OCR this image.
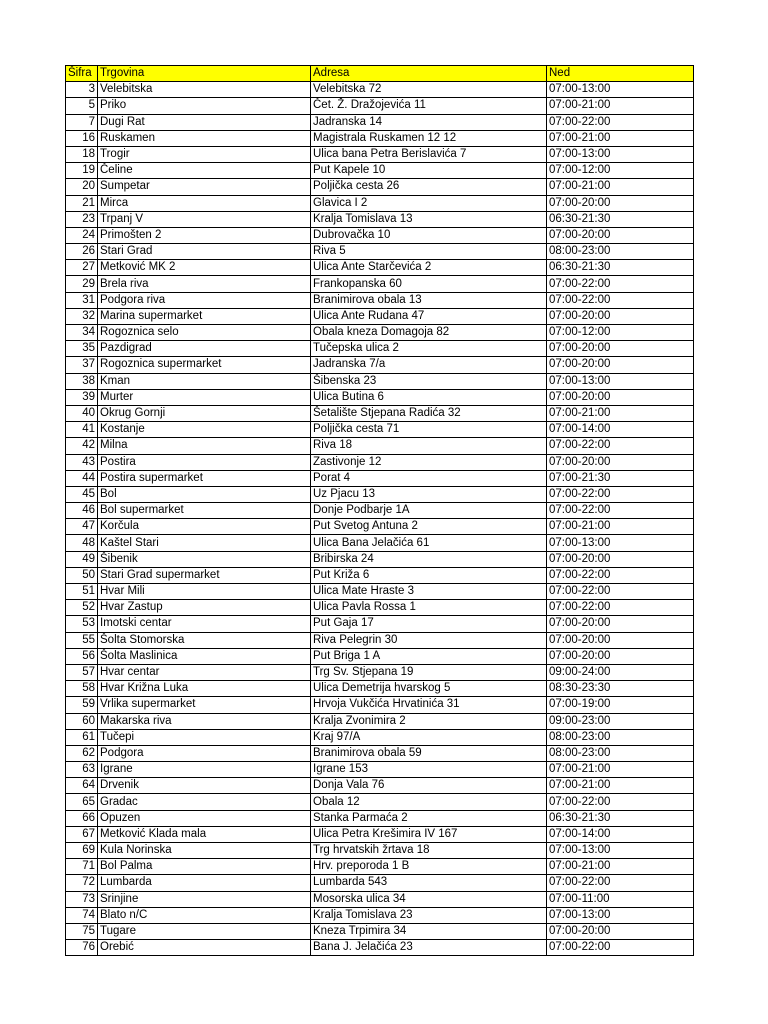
Šifra	Trgovina	Adresa	Ned
3	Velebitska	Velebitska 72	07:00-13:00
5	Priko	Čet. Ž. Dražojevića 11	07:00-21:00
7	Dugi Rat	Jadranska 14	07:00-22:00
16	Ruskamen	Magistrala Ruskamen 12 12	07:00-21:00
18	Trogir	Ulica bana Petra Berislavića 7	07:00-13:00
19	Čeline	Put Kapele 10	07:00-12:00
20	Sumpetar	Poljička cesta 26	07:00-21:00
21	Mirca	Glavica I 2	07:00-20:00
23	Trpanj V	Kralja Tomislava 13	06:30-21:30
24	Primošten 2	Dubrovačka 10	07:00-20:00
26	Stari Grad	Riva 5	08:00-23:00
27	Metković MK 2	Ulica Ante Starčevića 2	06:30-21:30
29	Brela riva	Frankopanska 60	07:00-22:00
31	Podgora riva	Branimirova obala 13	07:00-22:00
32	Marina supermarket	Ulica Ante Rudana 47	07:00-20:00
34	Rogoznica selo	Obala kneza Domagoja 82	07:00-12:00
35	Pazdigrad	Tučepska ulica 2	07:00-20:00
37	Rogoznica supermarket	Jadranska 7/a	07:00-20:00
38	Kman	Šibenska 23	07:00-13:00
39	Murter	Ulica Butina 6	07:00-20:00
40	Okrug Gornji	Šetalište Stjepana Radića 32	07:00-21:00
41	Kostanje	Poljička cesta 71	07:00-14:00
42	Milna	Riva 18	07:00-22:00
43	Postira	Zastivonje 12	07:00-20:00
44	Postira supermarket	Porat 4	07:00-21:30
45	Bol	Uz Pjacu 13	07:00-22:00
46	Bol supermarket	Donje Podbarje 1A	07:00-22:00
47	Korčula	Put Svetog Antuna 2	07:00-21:00
48	Kaštel Stari	Ulica Bana Jelačića 61	07:00-13:00
49	Šibenik	Bribirska 24	07:00-20:00
50	Stari Grad supermarket	Put Križa 6	07:00-22:00
51	Hvar Mili	Ulica Mate Hraste 3	07:00-22:00
52	Hvar Zastup	Ulica Pavla Rossa 1	07:00-22:00
53	Imotski centar	Put Gaja 17	07:00-20:00
55	Šolta Stomorska	Riva Pelegrin 30	07:00-20:00
56	Šolta Maslinica	Put Briga 1 A	07:00-20:00
57	Hvar centar	Trg Sv. Stjepana 19	09:00-24:00
58	Hvar Križna Luka	Ulica Demetrija hvarskog 5	08:30-23:30
59	Vrlika supermarket	Hrvoja Vukčića Hrvatinića 31	07:00-19:00
60	Makarska riva	Kralja Zvonimira 2	09:00-23:00
61	Tučepi	Kraj 97/A	08:00-23:00
62	Podgora	Branimirova obala 59	08:00-23:00
63	Igrane	Igrane 153	07:00-21:00
64	Drvenik	Donja Vala 76	07:00-21:00
65	Gradac	Obala 12	07:00-22:00
66	Opuzen	Stanka Parmaća 2	06:30-21:30
67	Metković Klada mala	Ulica Petra Krešimira IV 167	07:00-14:00
69	Kula Norinska	Trg hrvatskih žrtava 18	07:00-13:00
71	Bol Palma	Hrv. preporoda 1 B	07:00-21:00
72	Lumbarda	Lumbarda 543	07:00-22:00
73	Srinjine	Mosorska ulica 34	07:00-11:00
74	Blato n/C	Kralja Tomislava 23	07:00-13:00
75	Tugare	Kneza Trpimira 34	07:00-20:00
76	Orebić	Bana J. Jelačića 23	07:00-22:00
